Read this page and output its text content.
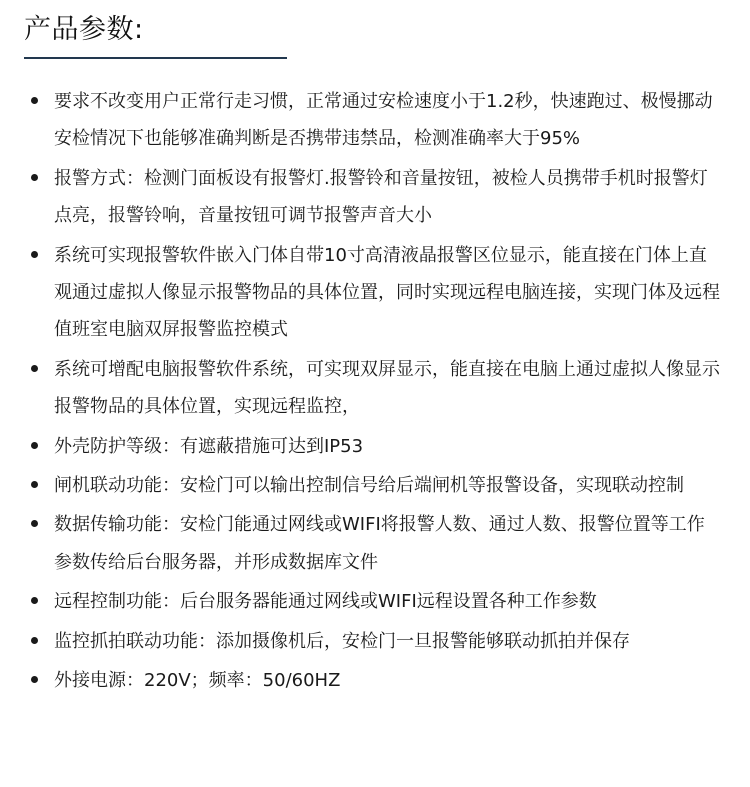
产品参数:
要求不改变用户正常行走习惯，正常通过安检速度小于1.2秒，快速跑过、极慢挪动安检情况下也能够准确判断是否携带违禁品，检测准确率大于95%
报警方式：检测门面板设有报警灯.报警铃和音量按钮，被检人员携带手机时报警灯点亮，报警铃响，音量按钮可调节报警声音大小
系统可实现报警软件嵌入门体自带10寸高清液晶报警区位显示，能直接在门体上直观通过虚拟人像显示报警物品的具体位置，同时实现远程电脑连接，实现门体及远程值班室电脑双屏报警监控模式
系统可增配电脑报警软件系统，可实现双屏显示，能直接在电脑上通过虚拟人像显示报警物品的具体位置，实现远程监控，
外壳防护等级：有遮蔽措施可达到IP53
闸机联动功能：安检门可以输出控制信号给后端闸机等报警设备，实现联动控制
数据传输功能：安检门能通过网线或WIFI将报警人数、通过人数、报警位置等工作参数传给后台服务器，并形成数据库文件
远程控制功能：后台服务器能通过网线或WIFI远程设置各种工作参数
监控抓拍联动功能：添加摄像机后，安检门一旦报警能够联动抓拍并保存
外接电源：220V；频率：50/60HZ
